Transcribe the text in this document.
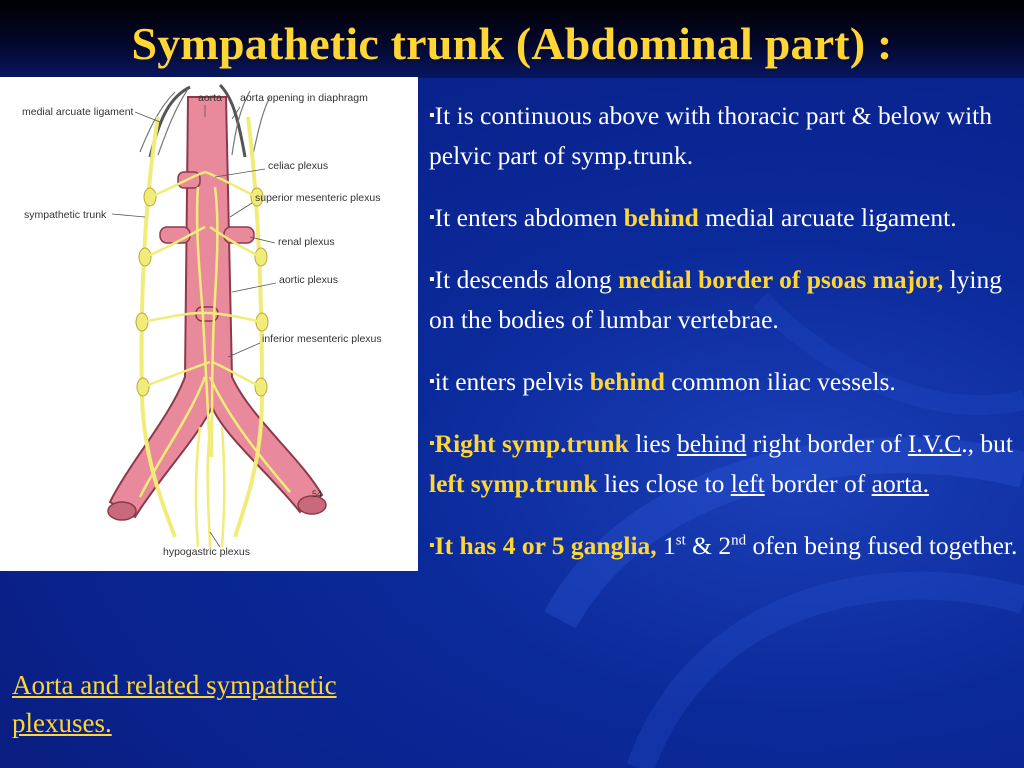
Sympathetic trunk (Abdominal part) :
medial arcuate ligament
aorta aorta opening in diaphragm
celiac plexus
superior mesenteric plexus
sympathetic trunk
renal plexus
aortic plexus
inferior mesenteric plexus
hypogastric plexus
54
Aorta and related sympathetic plexuses.

▪It is continuous above with thoracic part & below with pelvic part of symp.trunk.

▪It enters abdomen behind medial arcuate ligament.

▪It descends along medial border of psoas major, lying on the bodies of lumbar vertebrae.

▪it enters pelvis behind common iliac vessels.

▪Right symp.trunk lies behind right border of I.V.C., but left symp.trunk lies close to left border of aorta.

▪It has 4 or 5 ganglia, 1st & 2nd ofen being fused together.
